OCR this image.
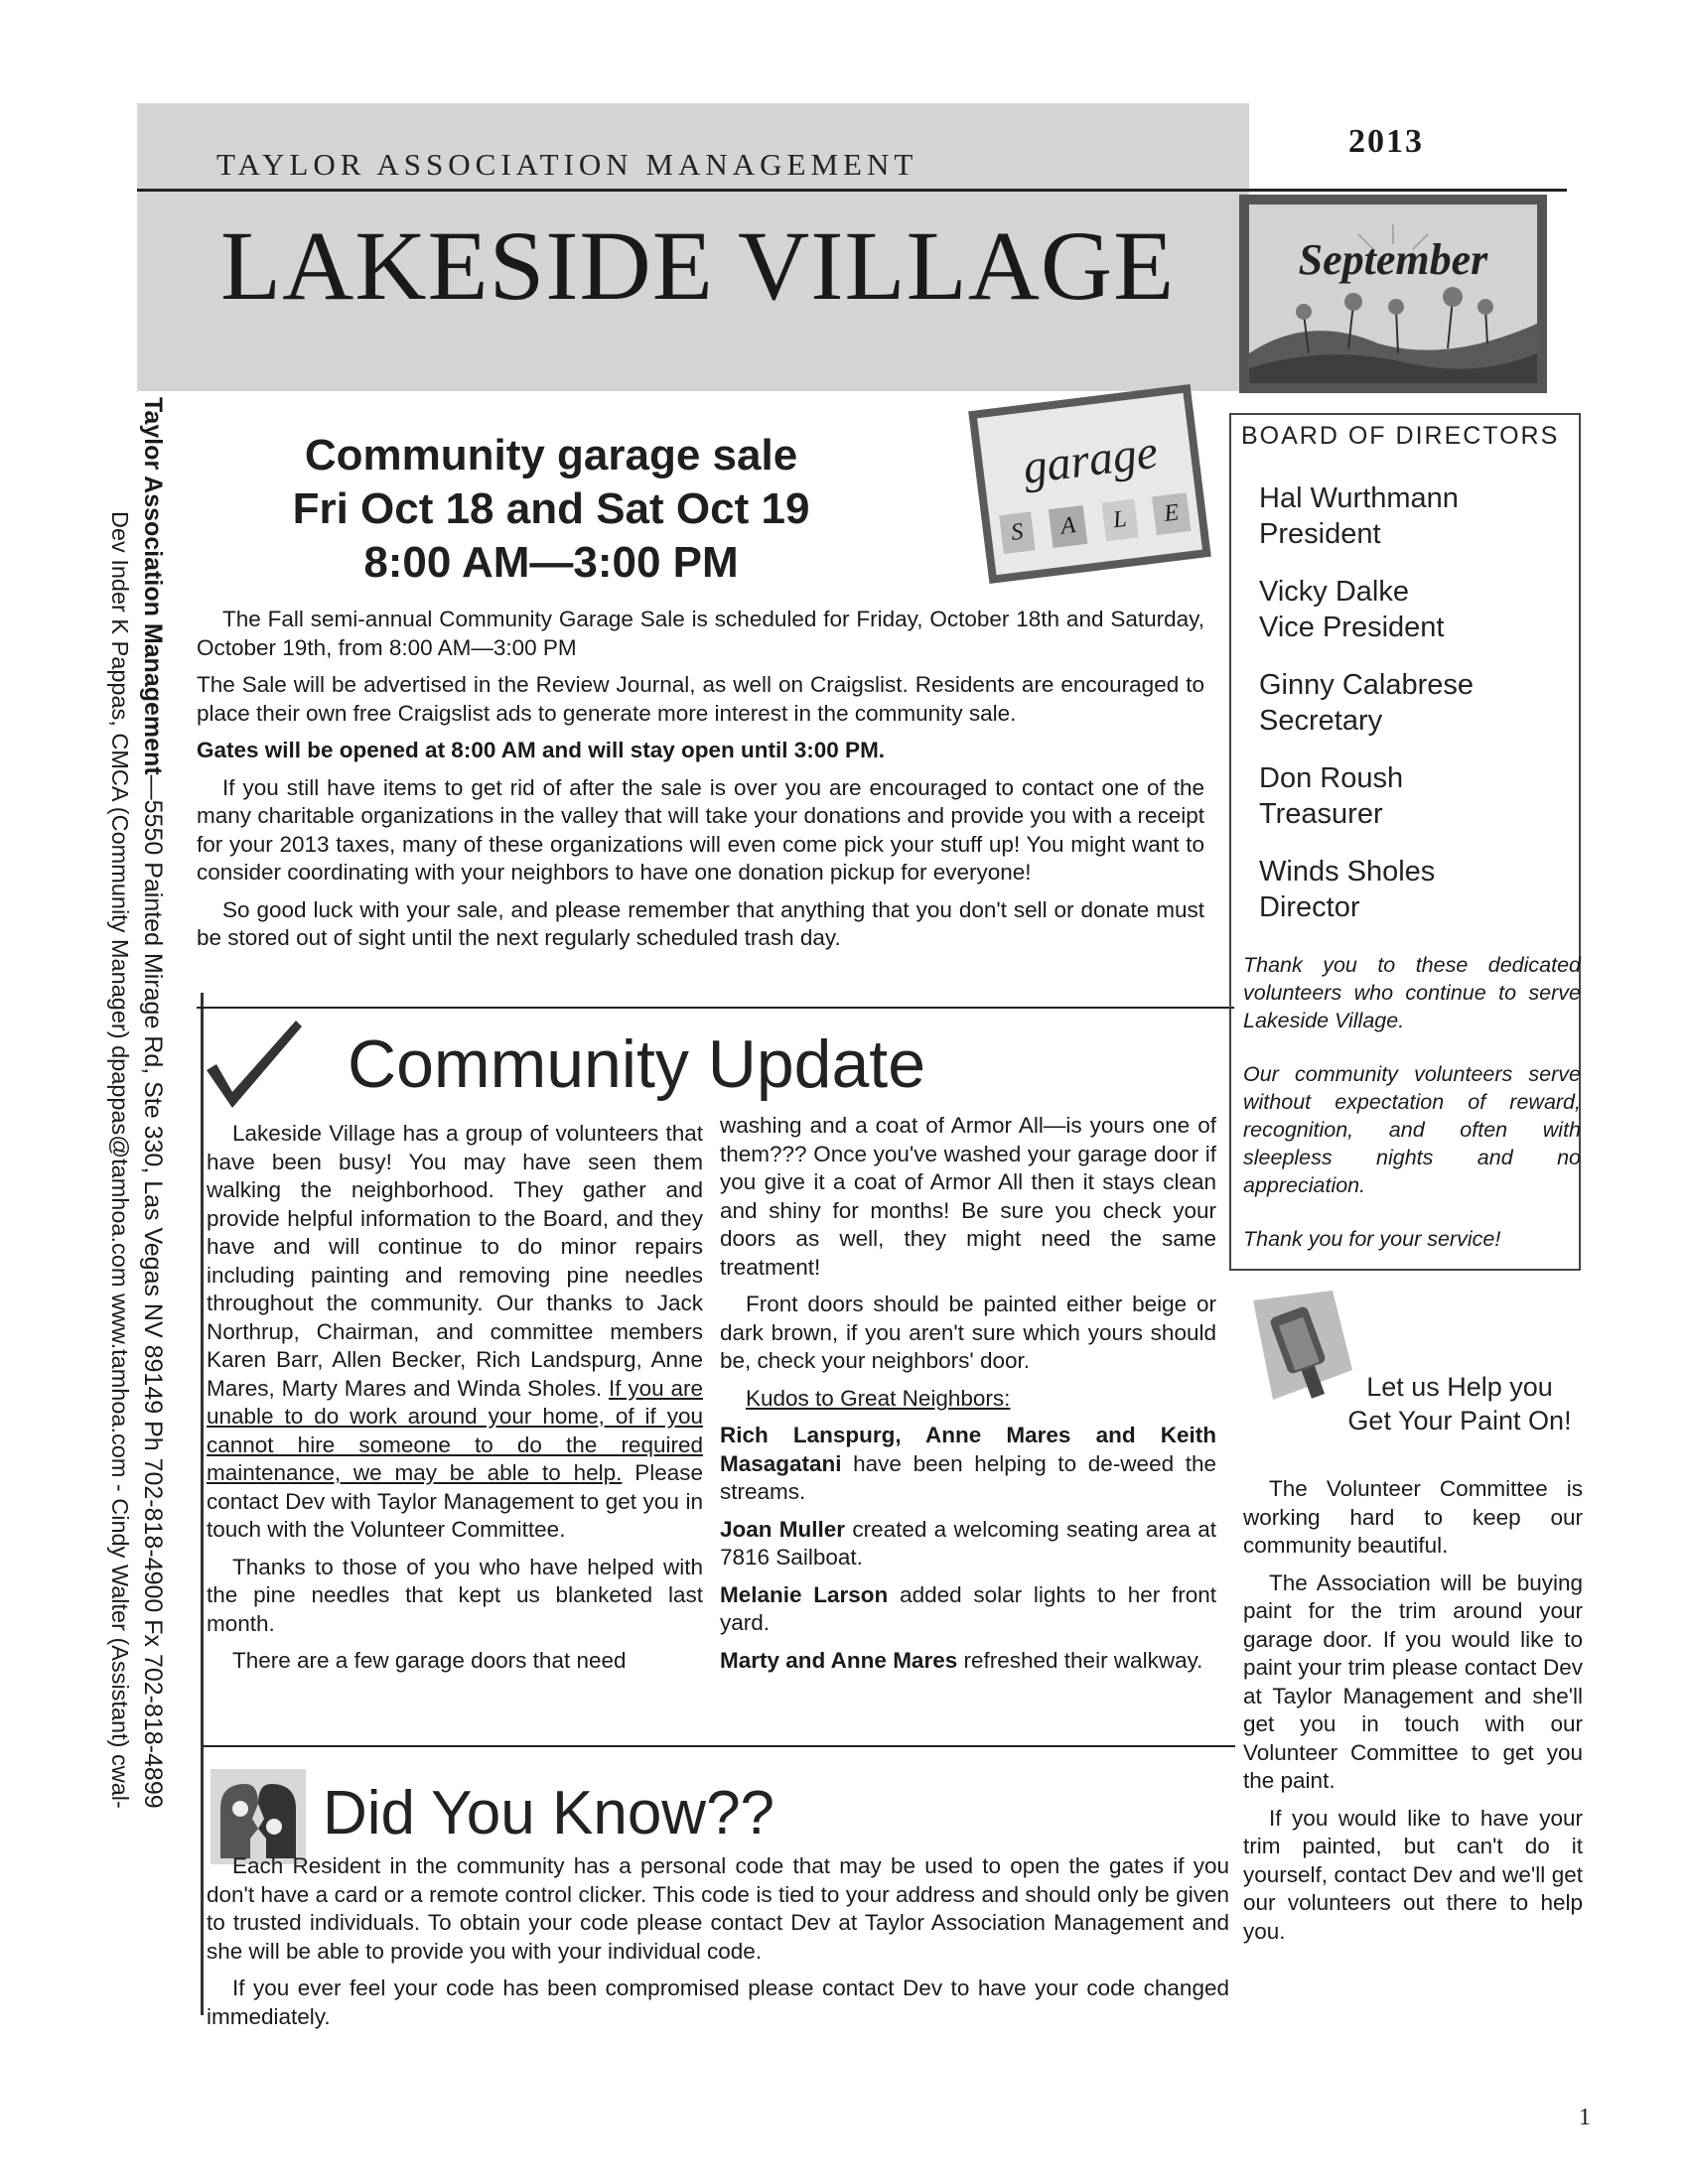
TAYLOR ASSOCIATION MANAGEMENT
LAKESIDE VILLAGE
2013
September
Taylor Association Management—5550 Painted Mirage Rd, Ste 330, Las Vegas NV 89149 Ph 702-818-4900 Fx 702-818-4899
Dev Inder K Pappas, CMCA (Community Manager) dpappas@tamhoa.com www.tamhoa.com - Cindy Walter (Assistant) cwal-
garage
S	A	L	E
Community garage sale
Fri Oct 18 and Sat Oct 19
8:00 AM—3:00 PM

The Fall semi-annual Community Garage Sale is scheduled for Friday, October 18th and Saturday, October 19th, from 8:00 AM—3:00 PM

The Sale will be advertised in the Review Journal, as well on Craigslist. Residents are encouraged to place their own free Craigslist ads to generate more interest in the community sale.

Gates will be opened at 8:00 AM and will stay open until 3:00 PM.

If you still have items to get rid of after the sale is over you are encouraged to contact one of the many charitable organizations in the valley that will take your donations and provide you with a receipt for your 2013 taxes, many of these organizations will even come pick your stuff up! You might want to consider coordinating with your neighbors to have one donation pickup for everyone!

So good luck with your sale, and please remember that anything that you don't sell or donate must be stored out of sight until the next regularly scheduled trash day.

BOARD OF DIRECTORS
Hal Wurthmann
President
Vicky Dalke
Vice President
Ginny Calabrese
Secretary
Don Roush
Treasurer
Winds Sholes
Director

Thank you to these dedicated volunteers who continue to serve Lakeside Village.

Our community volunteers serve without expectation of reward, recognition, and often with sleepless nights and no appreciation.

Thank you for your service!

Community Update

Lakeside Village has a group of volunteers that have been busy! You may have seen them walking the neighborhood. They gather and provide helpful information to the Board, and they have and will continue to do minor repairs including painting and removing pine needles throughout the community. Our thanks to Jack Northrup, Chairman, and committee members Karen Barr, Allen Becker, Rich Landspurg, Anne Mares, Marty Mares and Winda Sholes. If you are unable to do work around your home, of if you cannot hire someone to do the required maintenance, we may be able to help. Please contact Dev with Taylor Management to get you in touch with the Volunteer Committee.

Thanks to those of you who have helped with the pine needles that kept us blanketed last month.

There are a few garage doors that need

washing and a coat of Armor All—is yours one of them??? Once you've washed your garage door if you give it a coat of Armor All then it stays clean and shiny for months! Be sure you check your doors as well, they might need the same treatment!

Front doors should be painted either beige or dark brown, if you aren't sure which yours should be, check your neighbors' door.

Kudos to Great Neighbors:

Rich Lanspurg, Anne Mares and Keith Masagatani have been helping to de-weed the streams.

Joan Muller created a welcoming seating area at 7816 Sailboat.

Melanie Larson added solar lights to her front yard.

Marty and Anne Mares refreshed their walkway.

Let us Help you
Get Your Paint On!

The Volunteer Committee is working hard to keep our community beautiful.

The Association will be buying paint for the trim around your garage door. If you would like to paint your trim please contact Dev at Taylor Management and she'll get you in touch with our Volunteer Committee to get you the paint.

If you would like to have your trim painted, but can't do it yourself, contact Dev and we'll get our volunteers out there to help you.

Did You Know??

Each Resident in the community has a personal code that may be used to open the gates if you don't have a card or a remote control clicker. This code is tied to your address and should only be given to trusted individuals. To obtain your code please contact Dev at Taylor Association Management and she will be able to provide you with your individual code.

If you ever feel your code has been compromised please contact Dev to have your code changed immediately.

1
